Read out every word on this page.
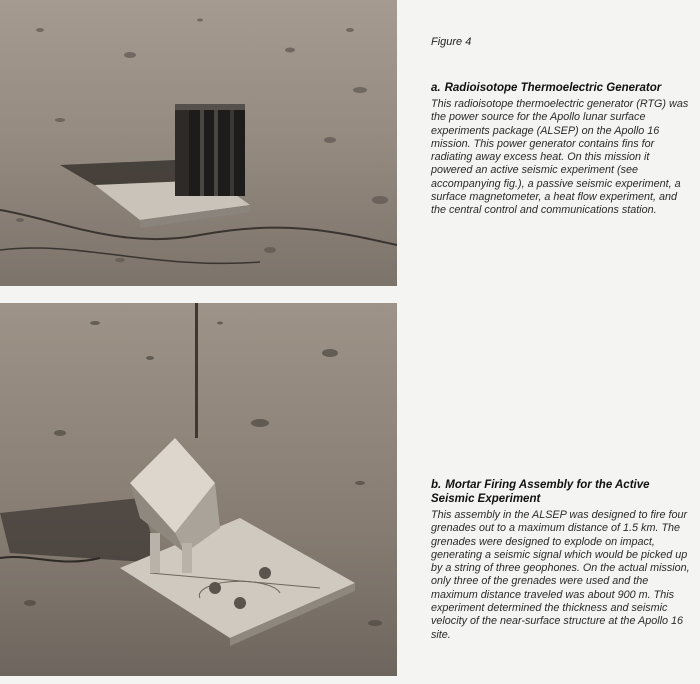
Figure 4

a. Radioisotope Thermoelectric Generator

This radioisotope thermoelectric generator (RTG) was the power source for the Apollo lunar surface experiments package (ALSEP) on the Apollo 16 mission. This power generator contains fins for radiating away excess heat. On this mission it powered an active seismic experiment (see accompanying fig.), a passive seismic experiment, a surface magnetometer, a heat flow experiment, and the central control and communications station.

b. Mortar Firing Assembly for the Active Seismic Experiment

This assembly in the ALSEP was designed to fire four grenades out to a maximum distance of 1.5 km. The grenades were designed to explode on impact, generating a seismic signal which would be picked up by a string of three geophones. On the actual mission, only three of the grenades were used and the maximum distance traveled was about 900 m. This experiment determined the thickness and seismic velocity of the near-surface structure at the Apollo 16 site.
